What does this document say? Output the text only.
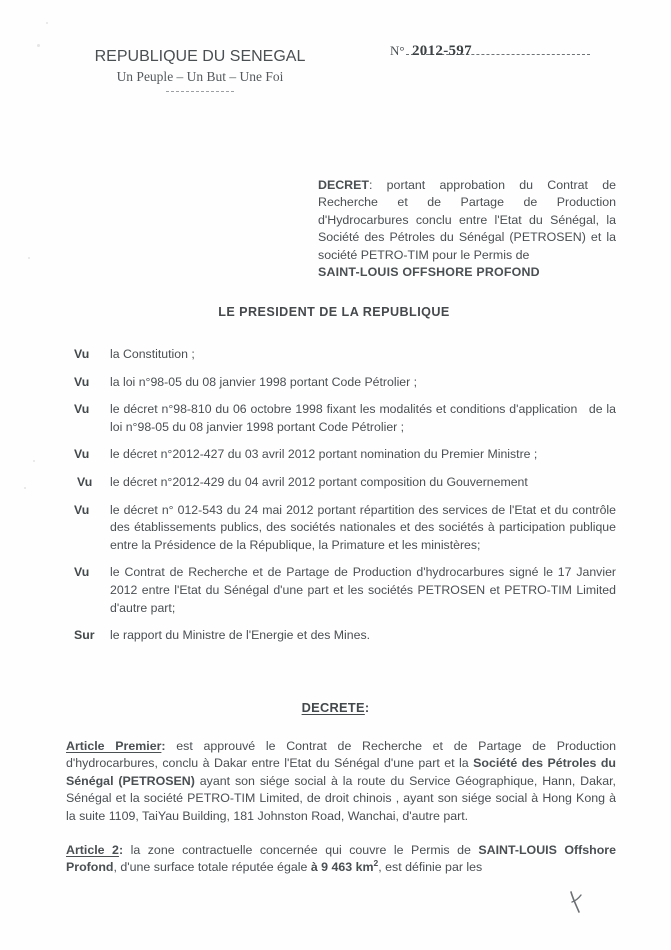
REPUBLIQUE DU SENEGAL
Un Peuple – Un But – Une Foi
N° 2012-597
DECRET: portant approbation du Contrat de Recherche et de Partage de Production d'Hydrocarbures conclu entre l'Etat du Sénégal, la Société des Pétroles du Sénégal (PETROSEN) et la société PETRO-TIM pour le Permis de
SAINT-LOUIS OFFSHORE PROFOND
LE PRESIDENT DE LA REPUBLIQUE
Vu	la Constitution ;
Vu	la loi n°98-05 du 08 janvier 1998 portant Code Pétrolier ;
Vu	le décret n°98-810 du 06 octobre 1998 fixant les modalités et conditions d'application   de la loi n°98-05 du 08 janvier 1998 portant Code Pétrolier ;
Vu	le décret n°2012-427 du 03 avril 2012 portant nomination du Premier Ministre ;
Vu	le décret n°2012-429 du 04 avril 2012 portant composition du Gouvernement
Vu	le décret n° 012-543 du 24 mai 2012 portant répartition des services de l'Etat et du contrôle des établissements publics, des sociétés nationales et des sociétés à participation publique entre la Présidence de la République, la Primature et les ministères;
Vu	le Contrat de Recherche et de Partage de Production d'hydrocarbures signé le 17 Janvier 2012 entre l'Etat du Sénégal d'une part et les sociétés PETROSEN et PETRO-TIM Limited d'autre part;
Sur	le rapport du Ministre de l'Energie et des Mines.
DECRETE:
Article Premier: est approuvé le Contrat de Recherche et de Partage de Production d'hydrocarbures, conclu à Dakar entre l'Etat du Sénégal d'une part et la Société des Pétroles du Sénégal (PETROSEN) ayant son siége social à la route du Service Géographique, Hann, Dakar, Sénégal et la société PETRO-TIM Limited, de droit chinois , ayant son siége social à Hong Kong à la suite 1109, TaiYau Building, 181 Johnston Road, Wanchai, d'autre part.
Article 2: la zone contractuelle concernée qui couvre le Permis de SAINT-LOUIS Offshore Profond, d'une surface totale réputée égale à 9 463 $km^2$, est définie par les
